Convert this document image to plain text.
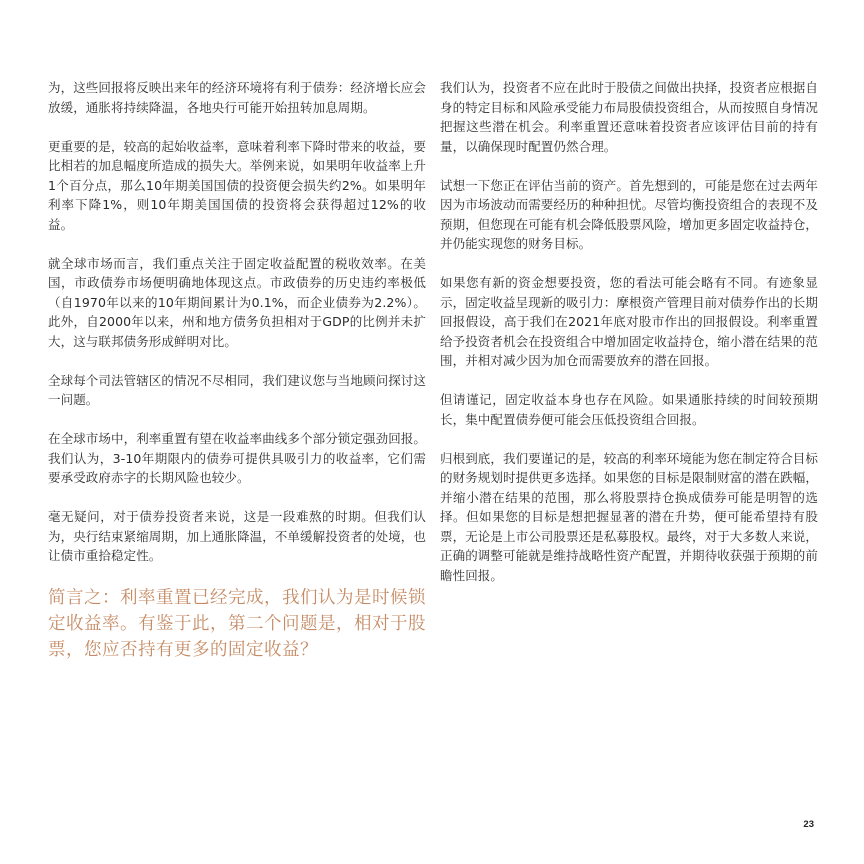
为，这些回报将反映出来年的经济环境将有利于债券：经济增长应会放缓，通胀将持续降温，各地央行可能开始扭转加息周期。

更重要的是，较高的起始收益率，意味着利率下降时带来的收益，要比相若的加息幅度所造成的损失大。举例来说，如果明年收益率上升1个百分点，那么10年期美国国债的投资便会损失约2%。如果明年利率下降1%，则10年期美国国债的投资将会获得超过12%的收益。

就全球市场而言，我们重点关注于固定收益配置的税收效率。在美国，市政债券市场便明确地体现这点。市政债券的历史违约率极低（自1970年以来的10年期间累计为0.1%，而企业债券为2.2%）。此外，自2000年以来，州和地方债务负担相对于GDP的比例并未扩大，这与联邦债务形成鲜明对比。

全球每个司法管辖区的情况不尽相同，我们建议您与当地顾问探讨这一问题。

在全球市场中，利率重置有望在收益率曲线多个部分锁定强劲回报。我们认为，3-10年期限内的债券可提供具吸引力的收益率，它们需要承受政府赤字的长期风险也较少。

毫无疑问，对于债券投资者来说，这是一段难熬的时期。但我们认为，央行结束紧缩周期，加上通胀降温，不单缓解投资者的处境，也让债市重拾稳定性。

简言之：利率重置已经完成，我们认为是时候锁定收益率。有鉴于此，第二个问题是，相对于股票，您应否持有更多的固定收益？

我们认为，投资者不应在此时于股债之间做出抉择，投资者应根据自身的特定目标和风险承受能力布局股债投资组合，从而按照自身情况把握这些潜在机会。利率重置还意味着投资者应该评估目前的持有量，以确保现时配置仍然合理。

试想一下您正在评估当前的资产。首先想到的，可能是您在过去两年因为市场波动而需要经历的种种担忧。尽管均衡投资组合的表现不及预期，但您现在可能有机会降低股票风险，增加更多固定收益持仓，并仍能实现您的财务目标。

如果您有新的资金想要投资，您的看法可能会略有不同。有迹象显示，固定收益呈现新的吸引力：摩根资产管理目前对债券作出的长期回报假设，高于我们在2021年底对股市作出的回报假设。利率重置给予投资者机会在投资组合中增加固定收益持仓，缩小潜在结果的范围，并相对减少因为加仓而需要放弃的潜在回报。

但请谨记，固定收益本身也存在风险。如果通胀持续的时间较预期长，集中配置债券便可能会压低投资组合回报。

归根到底，我们要谨记的是，较高的利率环境能为您在制定符合目标的财务规划时提供更多选择。如果您的目标是限制财富的潜在跌幅，并缩小潜在结果的范围，那么将股票持仓换成债券可能是明智的选择。但如果您的目标是想把握显著的潜在升势，便可能希望持有股票，无论是上市公司股票还是私募股权。最终，对于大多数人来说，正确的调整可能就是维持战略性资产配置，并期待收获强于预期的前瞻性回报。

23
